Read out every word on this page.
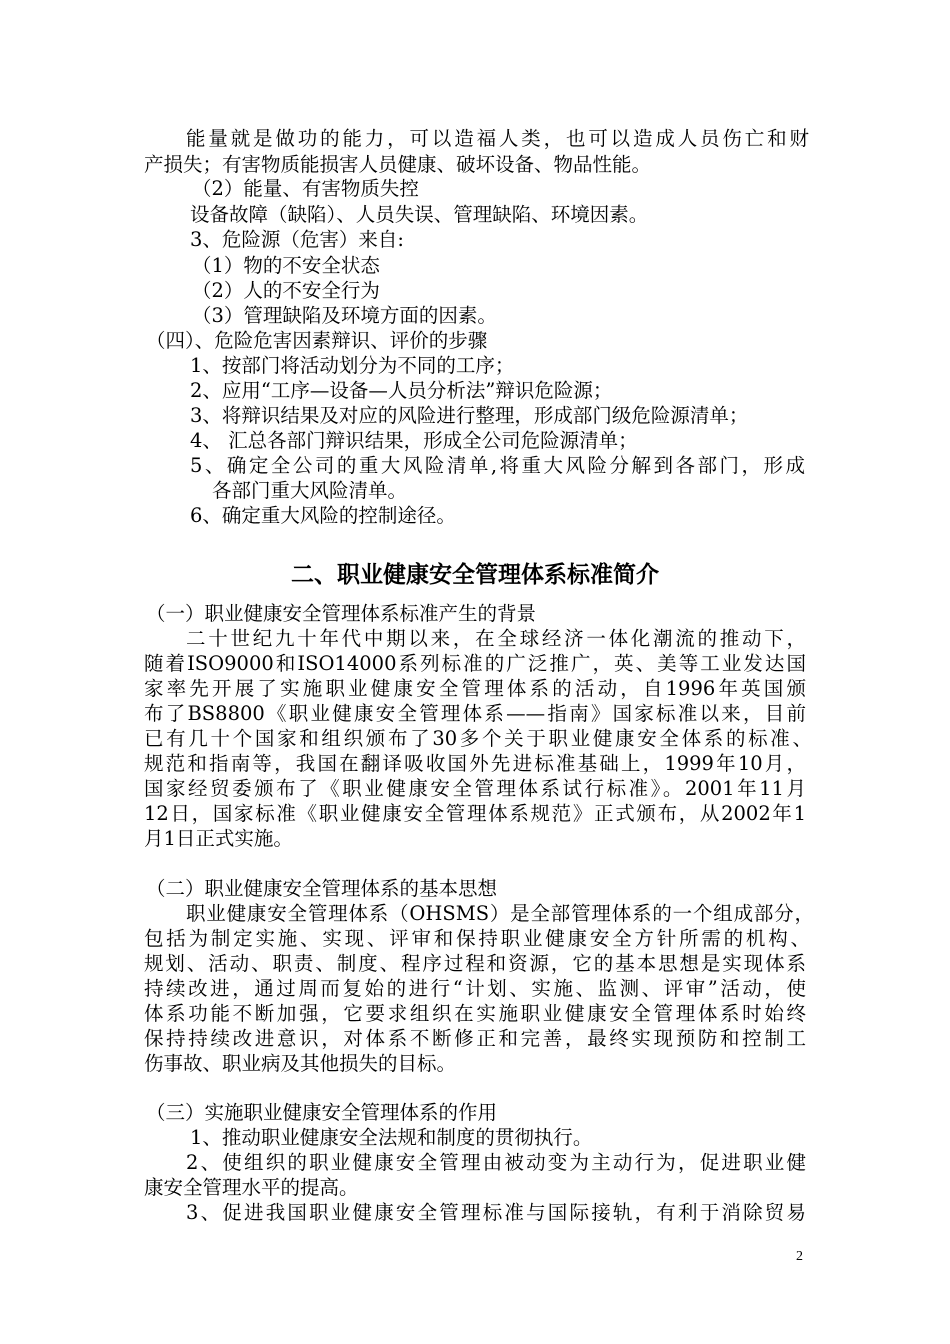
能量就是做功的能力，可以造福人类，也可以造成人员伤亡和财
产损失；有害物质能损害人员健康、破坏设备、物品性能。
（2）能量、有害物质失控
设备故障（缺陷）、人员失误、管理缺陷、环境因素。
3、危险源（危害）来自:
（1）物的不安全状态
（2）人的不安全行为
（3）管理缺陷及环境方面的因素。
（四）、危险危害因素辩识、评价的步骤
1、按部门将活动划分为不同的工序；
2、应用“工序—设备—人员分析法”辩识危险源；
3、将辩识结果及对应的风险进行整理，形成部门级危险源清单；
4、 汇总各部门辩识结果，形成全公司危险源清单；
5、确定全公司的重大风险清单,将重大风险分解到各部门，形成
各部门重大风险清单。
6、确定重大风险的控制途径。
二、职业健康安全管理体系标准简介
（一）职业健康安全管理体系标准产生的背景
二十世纪九十年代中期以来，在全球经济一体化潮流的推动下，
随着ISO9000和ISO14000系列标准的广泛推广，英、美等工业发达国
家率先开展了实施职业健康安全管理体系的活动，自1996年英国颁
布了BS8800《职业健康安全管理体系——指南》国家标准以来，目前
已有几十个国家和组织颁布了30多个关于职业健康安全体系的标准、
规范和指南等，我国在翻译吸收国外先进标准基础上，1999年10月，
国家经贸委颁布了《职业健康安全管理体系试行标准》。2001年11月
12日，国家标准《职业健康安全管理体系规范》正式颁布，从2002年1
月1日正式实施。
（二）职业健康安全管理体系的基本思想
职业健康安全管理体系（OHSMS）是全部管理体系的一个组成部分，
包括为制定实施、实现、评审和保持职业健康安全方针所需的机构、
规划、活动、职责、制度、程序过程和资源，它的基本思想是实现体系
持续改进，通过周而复始的进行“计划、实施、监测、评审”活动，使
体系功能不断加强，它要求组织在实施职业健康安全管理体系时始终
保持持续改进意识，对体系不断修正和完善，最终实现预防和控制工
伤事故、职业病及其他损失的目标。
（三）实施职业健康安全管理体系的作用
1、推动职业健康安全法规和制度的贯彻执行。
2、使组织的职业健康安全管理由被动变为主动行为，促进职业健
康安全管理水平的提高。
3、促进我国职业健康安全管理标准与国际接轨，有利于消除贸易
2
